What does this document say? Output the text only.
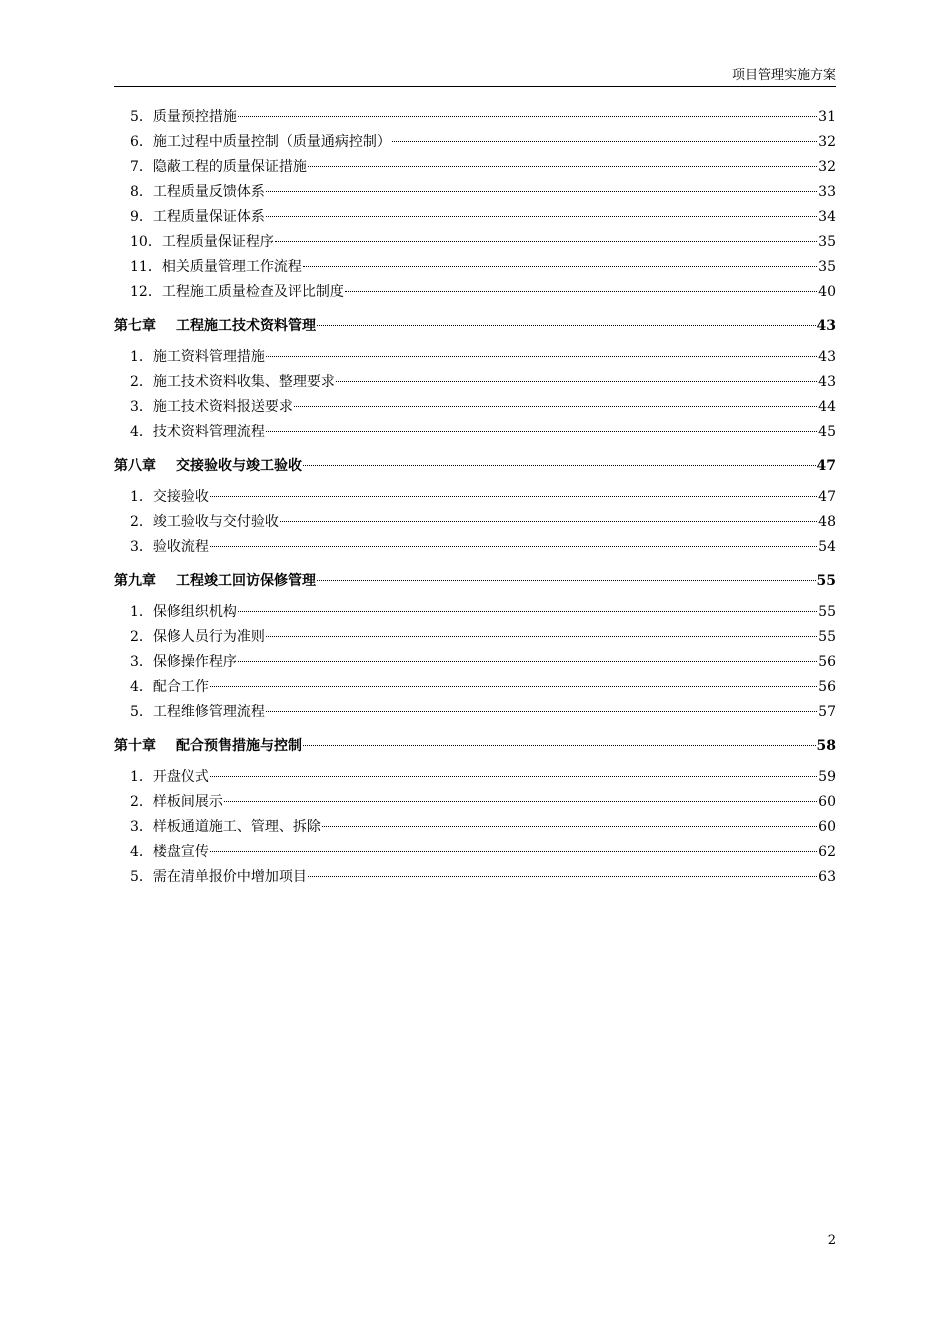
项目管理实施方案
5．质量预控措施	31
6．施工过程中质量控制（质量通病控制）	32
7．隐蔽工程的质量保证措施	32
8．工程质量反馈体系	33
9．工程质量保证体系	34
10．工程质量保证程序	35
11．相关质量管理工作流程	35
12．工程施工质量检查及评比制度	40
第七章 工程施工技术资料管理	43
1．施工资料管理措施	43
2．施工技术资料收集、整理要求	43
3．施工技术资料报送要求	44
4．技术资料管理流程	45
第八章 交接验收与竣工验收	47
1．交接验收	47
2．竣工验收与交付验收	48
3．验收流程	54
第九章 工程竣工回访保修管理	55
1．保修组织机构	55
2．保修人员行为准则	55
3．保修操作程序	56
4．配合工作	56
5．工程维修管理流程	57
第十章 配合预售措施与控制	58
1．开盘仪式	59
2．样板间展示	60
3．样板通道施工、管理、拆除	60
4．楼盘宣传	62
5．需在清单报价中增加项目	63
2
